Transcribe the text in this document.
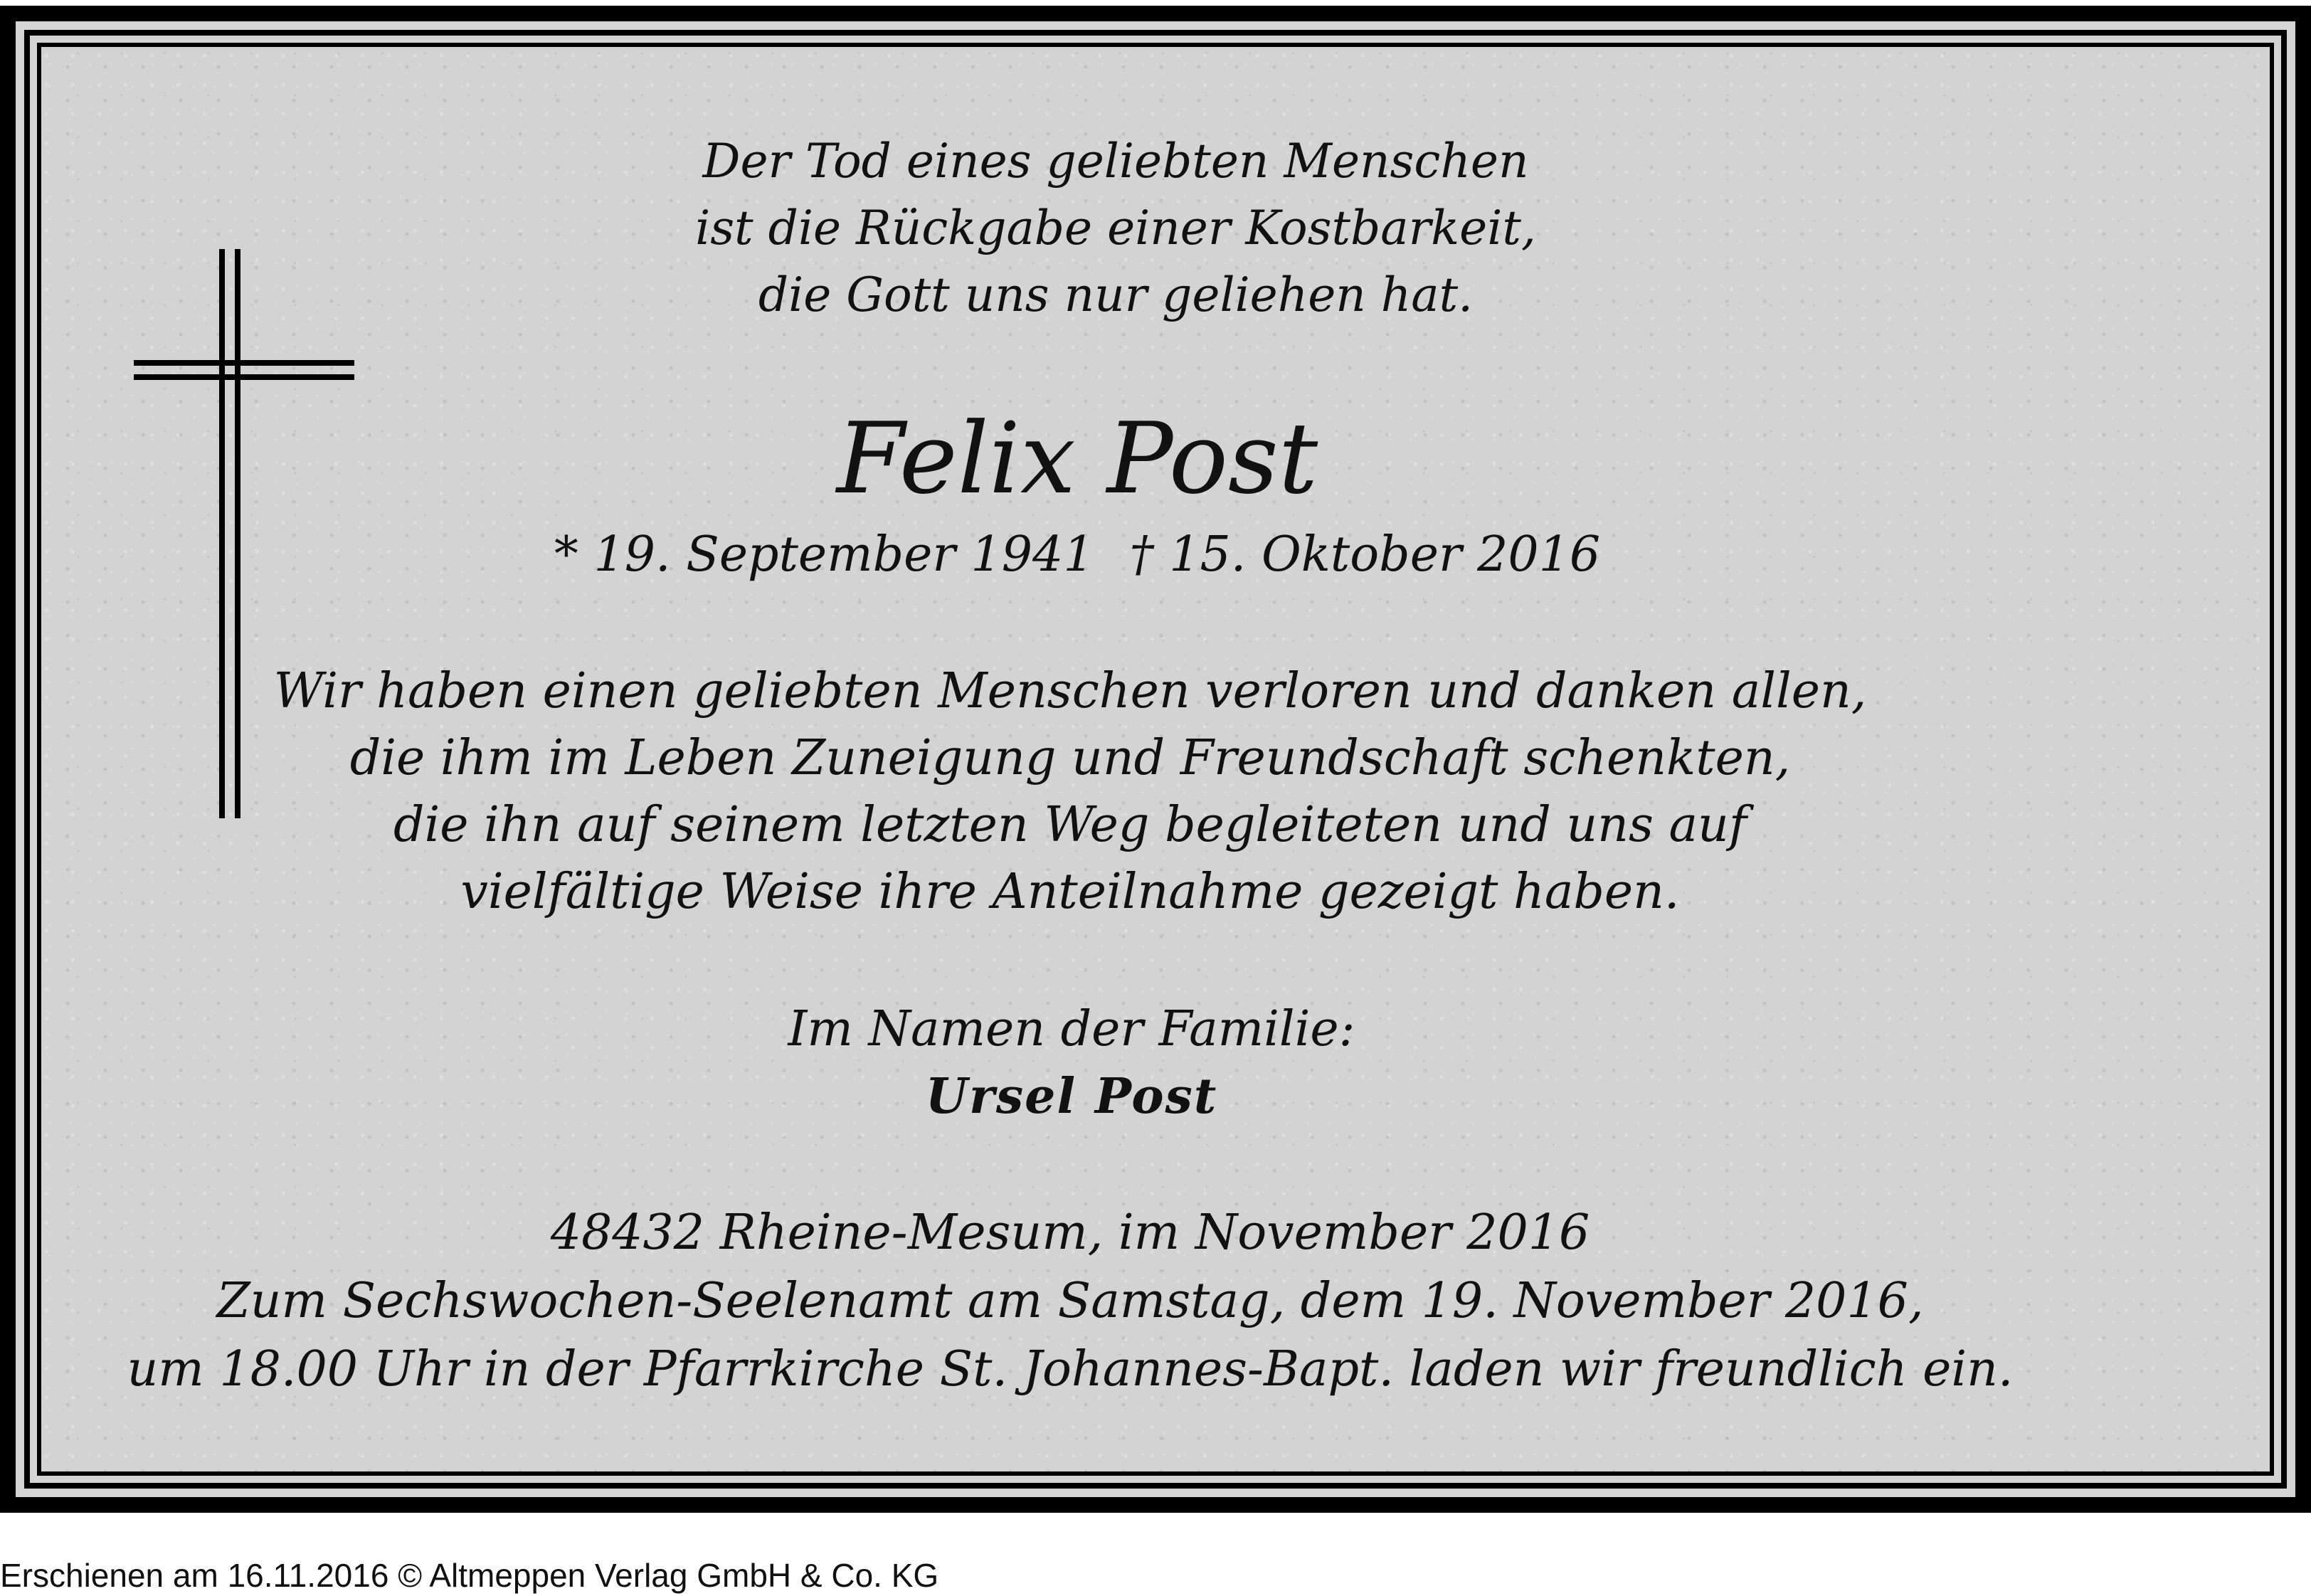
Der Tod eines geliebten Menschen
ist die Rückgabe einer Kostbarkeit,
die Gott uns nur geliehen hat.
Felix Post
* 19. September 1941 † 15. Oktober 2016
Wir haben einen geliebten Menschen verloren und danken allen,
die ihm im Leben Zuneigung und Freundschaft schenkten,
die ihn auf seinem letzten Weg begleiteten und uns auf
vielfältige Weise ihre Anteilnahme gezeigt haben.
Im Namen der Familie:
Ursel Post
48432 Rheine-Mesum, im November 2016
Zum Sechswochen-Seelenamt am Samstag, dem 19. November 2016,
um 18.00 Uhr in der Pfarrkirche St. Johannes-Bapt. laden wir freundlich ein.
Erschienen am 16.11.2016 © Altmeppen Verlag GmbH & Co. KG
